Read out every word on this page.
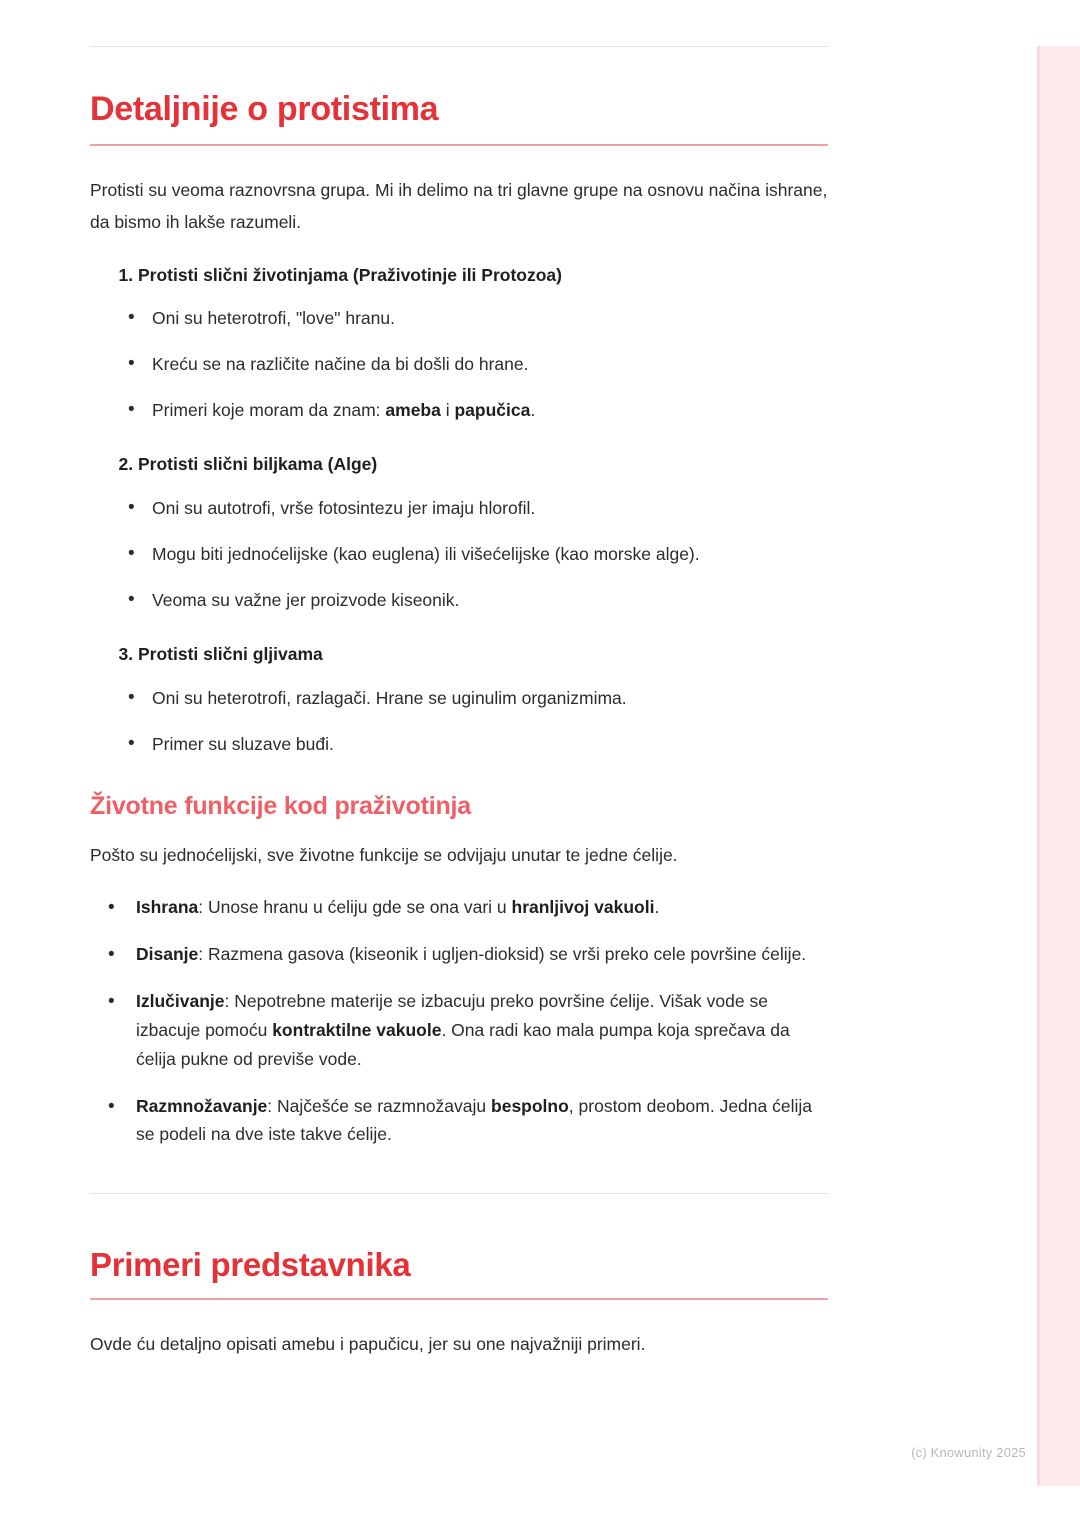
Detaljnije o protistima

Protisti su veoma raznovrsna grupa. Mi ih delimo na tri glavne grupe na osnovu načina ishrane, da bismo ih lakše razumeli.

1. Protisti slični životinjama (Praživotinje ili Protozoa)
• Oni su heterotrofi, "love" hranu.
• Kreću se na različite načine da bi došli do hrane.
• Primeri koje moram da znam: ameba i papučica.
2. Protisti slični biljkama (Alge)
• Oni su autotrofi, vrše fotosintezu jer imaju hlorofil.
• Mogu biti jednoćelijske (kao euglena) ili višećelijske (kao morske alge).
• Veoma su važne jer proizvode kiseonik.
3. Protisti slični gljivama
• Oni su heterotrofi, razlagači. Hrane se uginulim organizmima.
• Primer su sluzave buđi.
Životne funkcije kod praživotinja

Pošto su jednoćelijski, sve životne funkcije se odvijaju unutar te jedne ćelije.

• Ishrana: Unose hranu u ćeliju gde se ona vari u hranljivoj vakuoli.
• Disanje: Razmena gasova (kiseonik i ugljen-dioksid) se vrši preko cele površine ćelije.
• Izlučivanje: Nepotrebne materije se izbacuju preko površine ćelije. Višak vode se izbacuje pomoću kontraktilne vakuole. Ona radi kao mala pumpa koja sprečava da ćelija pukne od previše vode.
• Razmnožavanje: Najčešće se razmnožavaju bespolno, prostom deobom. Jedna ćelija se podeli na dve iste takve ćelije.
Primeri predstavnika

Ovde ću detaljno opisati amebu i papučicu, jer su one najvažniji primeri.

(c) Knowunity 2025
